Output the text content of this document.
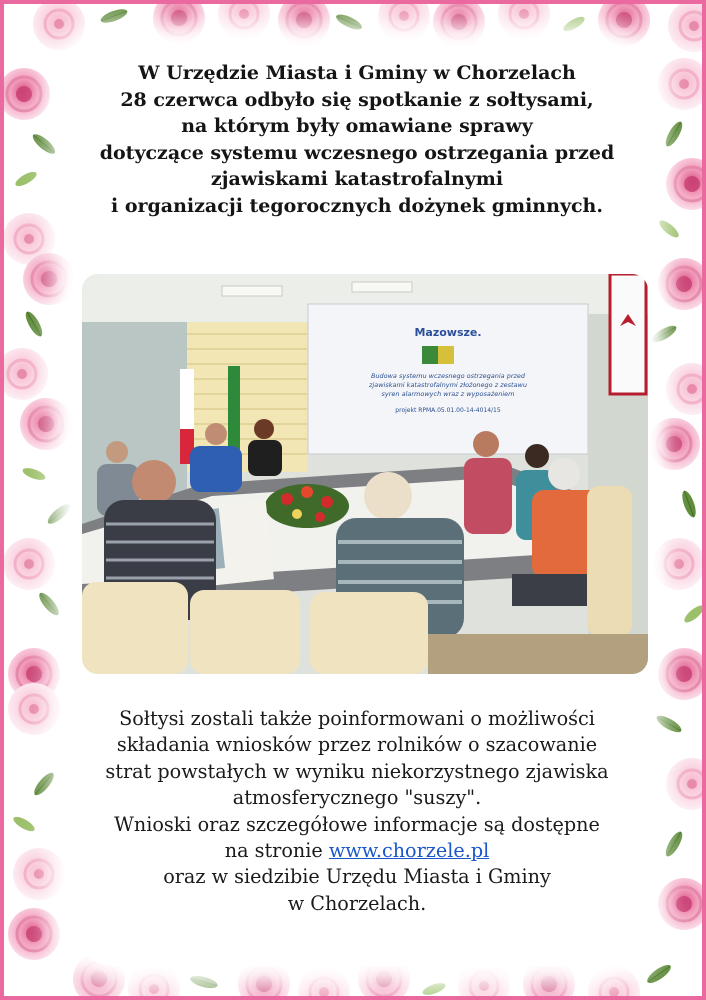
W Urzędzie Miasta i Gminy w Chorzelach
28 czerwca odbyło się spotkanie z sołtysami,
na którym były omawiane sprawy
dotyczące systemu wczesnego ostrzegania przed
zjawiskami katastrofalnymi
i organizacji tegorocznych dożynek gminnych.
Mazowsze.
Budowa systemu wczesnego ostrzegania przed
zjawiskami katastrofalnymi złożonego z zestawu
syren alarmowych wraz z wyposażeniem
projekt RPMA.05.01.00-14-4014/15
Sołtysi zostali także poinformowani o możliwości
składania wniosków przez rolników o szacowanie
strat powstałych w wyniku niekorzystnego zjawiska
atmosferycznego "suszy".
Wnioski oraz szczegółowe informacje są dostępne
na stronie www.chorzele.pl
oraz w siedzibie Urzędu Miasta i Gminy
w Chorzelach.
